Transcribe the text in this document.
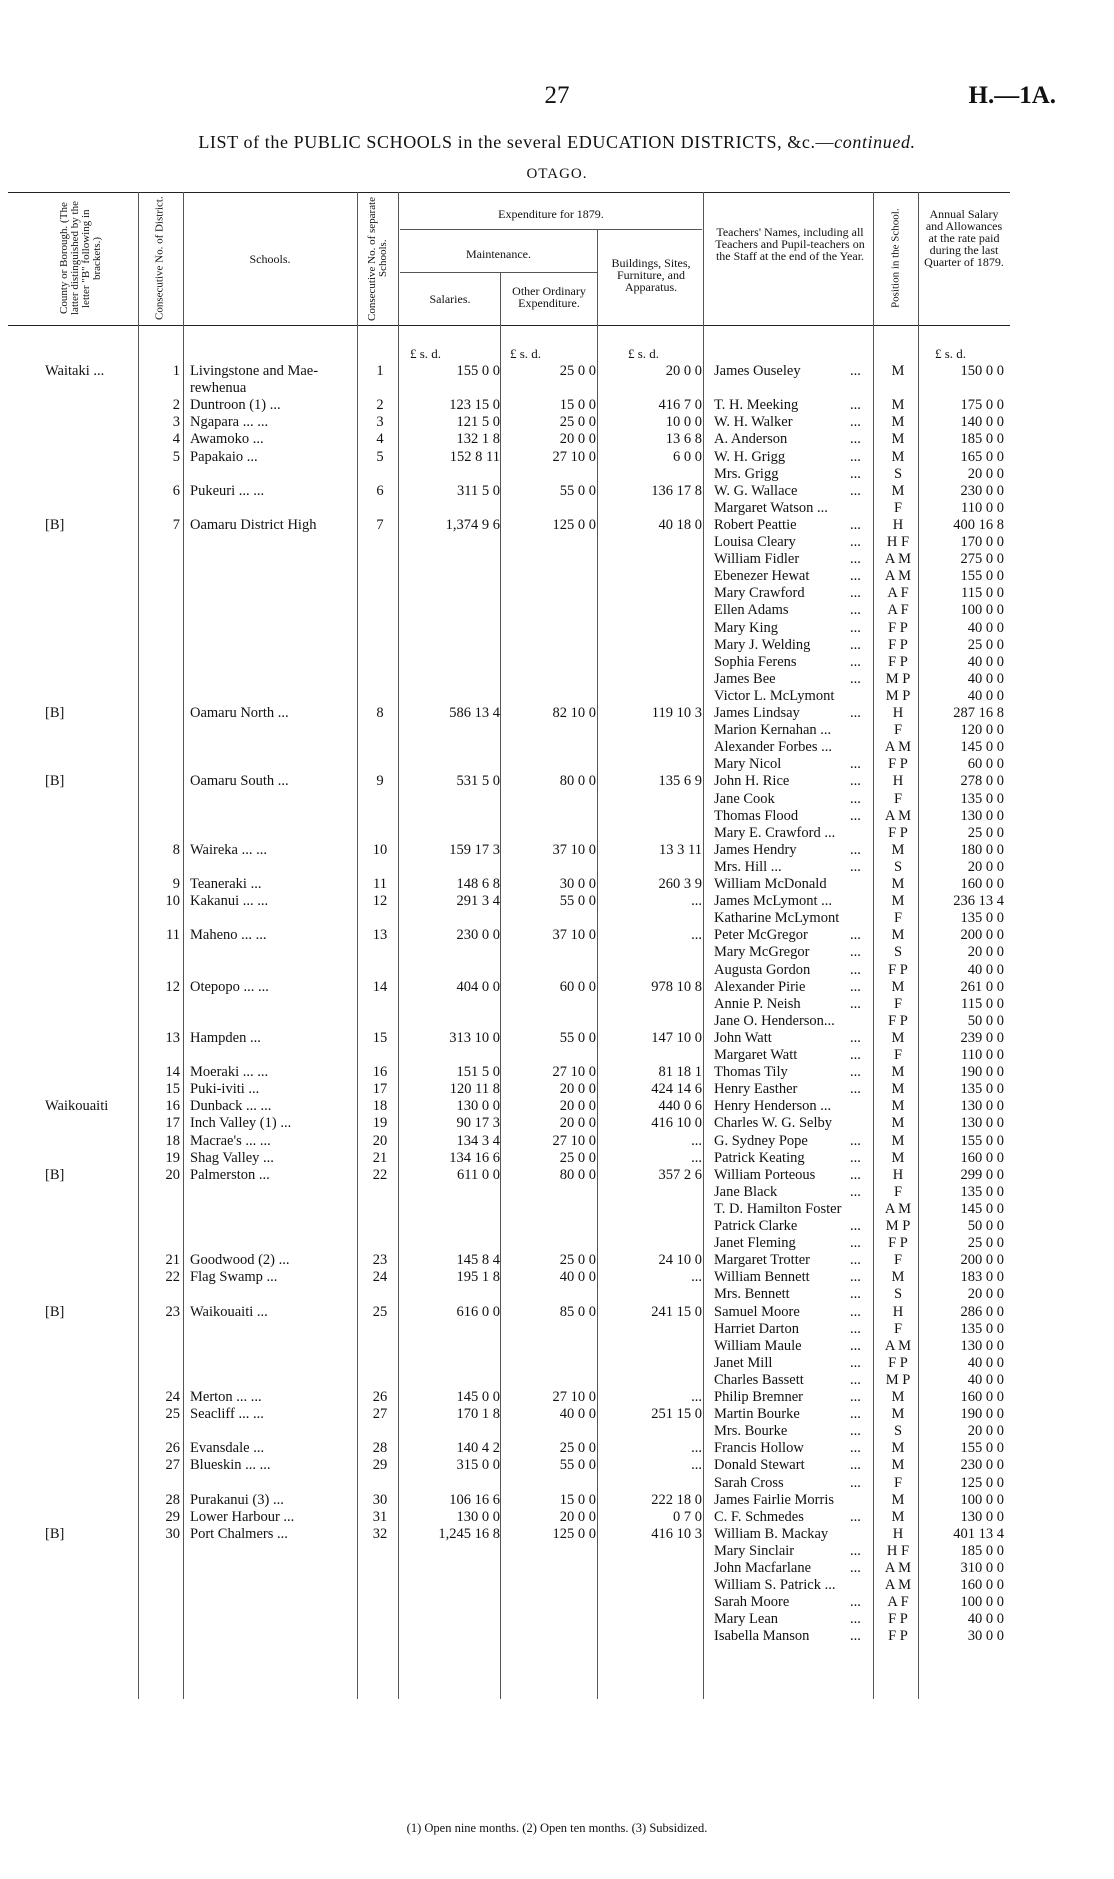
27	H.—1A.
LIST of the PUBLIC SCHOOLS in the several EDUCATION DISTRICTS, &c.—continued.
OTAGO.
County or Borough. (The latter distinguished by the letter "B" following in brackets.)	Consecutive No. of District.	Schools.	Consecutive No. of separate Schools.
Expenditure for 1879.
Maintenance.
Salaries.
Other Ordinary Expenditure.
Buildings, Sites, Furniture, and Apparatus.
Teachers' Names, including all Teachers and Pupil-teachers on the Staff at the end of the Year.	Position in the School.	Annual Salary and Allowances at the rate paid during the last Quarter of 1879.
£ s. d.	£ s. d.	£ s. d.	£ s. d.
Waitaki ...	1 Livingstone and Mae-	1	155 0 0	25 0 0	20 0 0 James Ouseley	...	M	150 0 0
rewhenua
2 Duntroon (1) ...	2	123 15 0	15 0 0	416 7 0 T. H. Meeking	...	M	175 0 0
3 Ngapara ... ...	3	121 5 0	25 0 0	10 0 0 W. H. Walker	...	M	140 0 0
4 Awamoko ...	4	132 1 8	20 0 0	13 6 8 A. Anderson	...	M	185 0 0
5 Papakaio ...	5	152 8 11	27 10 0	6 0 0 W. H. Grigg	...	M	165 0 0
Mrs. Grigg	...	S	20 0 0
6 Pukeuri ... ...	6	311 5 0	55 0 0	136 17 8 W. G. Wallace	...	M	230 0 0
Margaret Watson ...	F	110 0 0
[B]	7 Oamaru District High	7	1,374 9 6	125 0 0	40 18 0 Robert Peattie	...	H	400 16 8
Louisa Cleary	...	H F	170 0 0
William Fidler	...	A M	275 0 0
Ebenezer Hewat	...	A M	155 0 0
Mary Crawford	...	A F	115 0 0
Ellen Adams	...	A F	100 0 0
Mary King	...	F P	40 0 0
Mary J. Welding	...	F P	25 0 0
Sophia Ferens	...	F P	40 0 0
James Bee	...	M P	40 0 0
Victor L. McLymont	M P	40 0 0
[B]	Oamaru North ...	8	586 13 4	82 10 0	119 10 3 James Lindsay	...	H	287 16 8
Marion Kernahan ...	F	120 0 0
Alexander Forbes ...	A M	145 0 0
Mary Nicol	...	F P	60 0 0
[B]	Oamaru South ...	9	531 5 0	80 0 0	135 6 9 John H. Rice	...	H	278 0 0
Jane Cook	...	F	135 0 0
Thomas Flood	...	A M	130 0 0
Mary E. Crawford ...	F P	25 0 0
8 Waireka ... ...	10	159 17 3	37 10 0	13 3 11 James Hendry	...	M	180 0 0
Mrs. Hill ...	...	S	20 0 0
9 Teaneraki ...	11	148 6 8	30 0 0	260 3 9 William McDonald	M	160 0 0
10 Kakanui ... ...	12	291 3 4	55 0 0	... James McLymont ...	M	236 13 4
Katharine McLymont	F	135 0 0
11 Maheno ... ...	13	230 0 0	37 10 0	... Peter McGregor	...	M	200 0 0
Mary McGregor	...	S	20 0 0
Augusta Gordon	...	F P	40 0 0
12 Otepopo ... ...	14	404 0 0	60 0 0	978 10 8 Alexander Pirie	...	M	261 0 0
Annie P. Neish	...	F	115 0 0
Jane O. Henderson...	F P	50 0 0
13 Hampden ...	15	313 10 0	55 0 0	147 10 0 John Watt	...	M	239 0 0
Margaret Watt	...	F	110 0 0
14 Moeraki ... ...	16	151 5 0	27 10 0	81 18 1 Thomas Tily	...	M	190 0 0
15 Puki-iviti ...	17	120 11 8	20 0 0	424 14 6 Henry Easther	...	M	135 0 0
Waikouaiti	16 Dunback ... ...	18	130 0 0	20 0 0	440 0 6 Henry Henderson ...	M	130 0 0
17 Inch Valley (1) ...	19	90 17 3	20 0 0	416 10 0 Charles W. G. Selby	M	130 0 0
18 Macrae's ... ...	20	134 3 4	27 10 0	... G. Sydney Pope	...	M	155 0 0
19 Shag Valley ...	21	134 16 6	25 0 0	... Patrick Keating	...	M	160 0 0
[B]	20 Palmerston ...	22	611 0 0	80 0 0	357 2 6 William Porteous ...	H	299 0 0
Jane Black	...	F	135 0 0
T. D. Hamilton Foster	A M	145 0 0
Patrick Clarke	...	M P	50 0 0
Janet Fleming	...	F P	25 0 0
21 Goodwood (2) ...	23	145 8 4	25 0 0	24 10 0 Margaret Trotter	...	F	200 0 0
22 Flag Swamp ...	24	195 1 8	40 0 0	... William Bennett	...	M	183 0 0
Mrs. Bennett	...	S	20 0 0
[B]	23 Waikouaiti ...	25	616 0 0	85 0 0	241 15 0 Samuel Moore	...	H	286 0 0
Harriet Darton	...	F	135 0 0
William Maule	...	A M	130 0 0
Janet Mill	...	F P	40 0 0
Charles Bassett	...	M P	40 0 0
24 Merton ... ...	26	145 0 0	27 10 0	... Philip Bremner	...	M	160 0 0
25 Seacliff ... ...	27	170 1 8	40 0 0	251 15 0 Martin Bourke	...	M	190 0 0
Mrs. Bourke	...	S	20 0 0
26 Evansdale ...	28	140 4 2	25 0 0	... Francis Hollow	...	M	155 0 0
27 Blueskin ... ...	29	315 0 0	55 0 0	... Donald Stewart	...	M	230 0 0
Sarah Cross	...	F	125 0 0
28 Purakanui (3) ...	30	106 16 6	15 0 0	222 18 0 James Fairlie Morris	M	100 0 0
29 Lower Harbour ...	31	130 0 0	20 0 0	0 7 0 C. F. Schmedes	...	M	130 0 0
[B]	30 Port Chalmers ...	32	1,245 16 8	125 0 0	416 10 3 William B. Mackay	H	401 13 4
Mary Sinclair	...	H F	185 0 0
John Macfarlane	...	A M	310 0 0
William S. Patrick ...	A M	160 0 0
Sarah Moore	...	A F	100 0 0
Mary Lean	...	F P	40 0 0
Isabella Manson	...	F P	30 0 0
(1) Open nine months. (2) Open ten months. (3) Subsidized.
